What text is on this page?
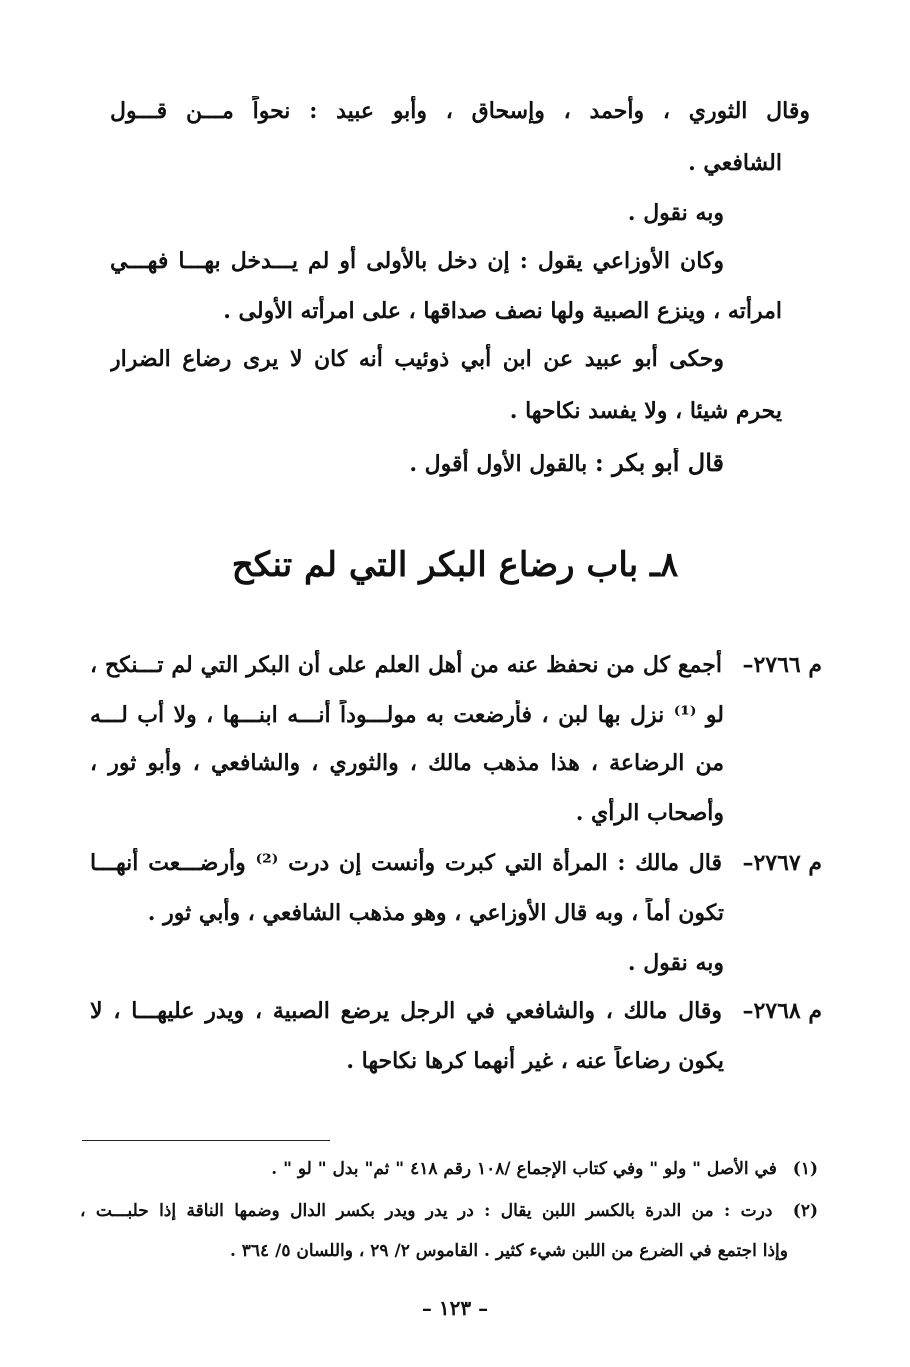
وقال الثوري ، وأحمد ، وإسحاق ، وأبو عبيد : نحواً مـــن قـــول
الشافعي .
وبه نقول .
وكان الأوزاعي يقول : إن دخل بالأولى أو لم يـــدخل بهـــا فهـــي
امرأته ، وينزع الصبية ولها نصف صداقها ، على امرأته الأولى .
وحكى أبو عبيد عن ابن أبي ذوئيب أنه كان لا يرى رضاع الضرار
يحرم شيئا ، ولا يفسد نكاحها .
قال أبو بكر : بالقول الأول أقول .
٨ـ باب رضاع البكر التي لم تنكح
م ٢٧٦٦–
أجمع كل من نحفظ عنه من أهل العلم على أن البكر التي لم تـــنكح ،
لو ⁽¹⁾ نزل بها لبن ، فأرضعت به مولـــوداً أنـــه ابنـــها ، ولا أب لـــه
من الرضاعة ، هذا مذهب مالك ، والثوري ، والشافعي ، وأبو ثور ،
وأصحاب الرأي .
م ٢٧٦٧–
قال مالك : المرأة التي كبرت وأنست إن درت ⁽²⁾ وأرضـــعت أنهـــا
تكون أماً ، وبه قال الأوزاعي ، وهو مذهب الشافعي ، وأبي ثور .
وبه نقول .
م ٢٧٦٨–
وقال مالك ، والشافعي في الرجل يرضع الصبية ، ويدر عليهـــا ، لا
يكون رضاعاً عنه ، غير أنهما كرها نكاحها .
(١) في الأصل " ولو " وفي كتاب الإجماع /١٠٨ رقم ٤١٨ " ثم" بدل " لو " .
(٢) درت : من الدرة بالكسر اللبن يقال : در يدر ويدر بكسر الدال وضمها الناقة إذا حلبـــت ،
وإذا اجتمع في الضرع من اللبن شيء كثير . القاموس ٢/ ٢٩ ، واللسان ٥/ ٣٦٤ .
– ١٢٣ –
